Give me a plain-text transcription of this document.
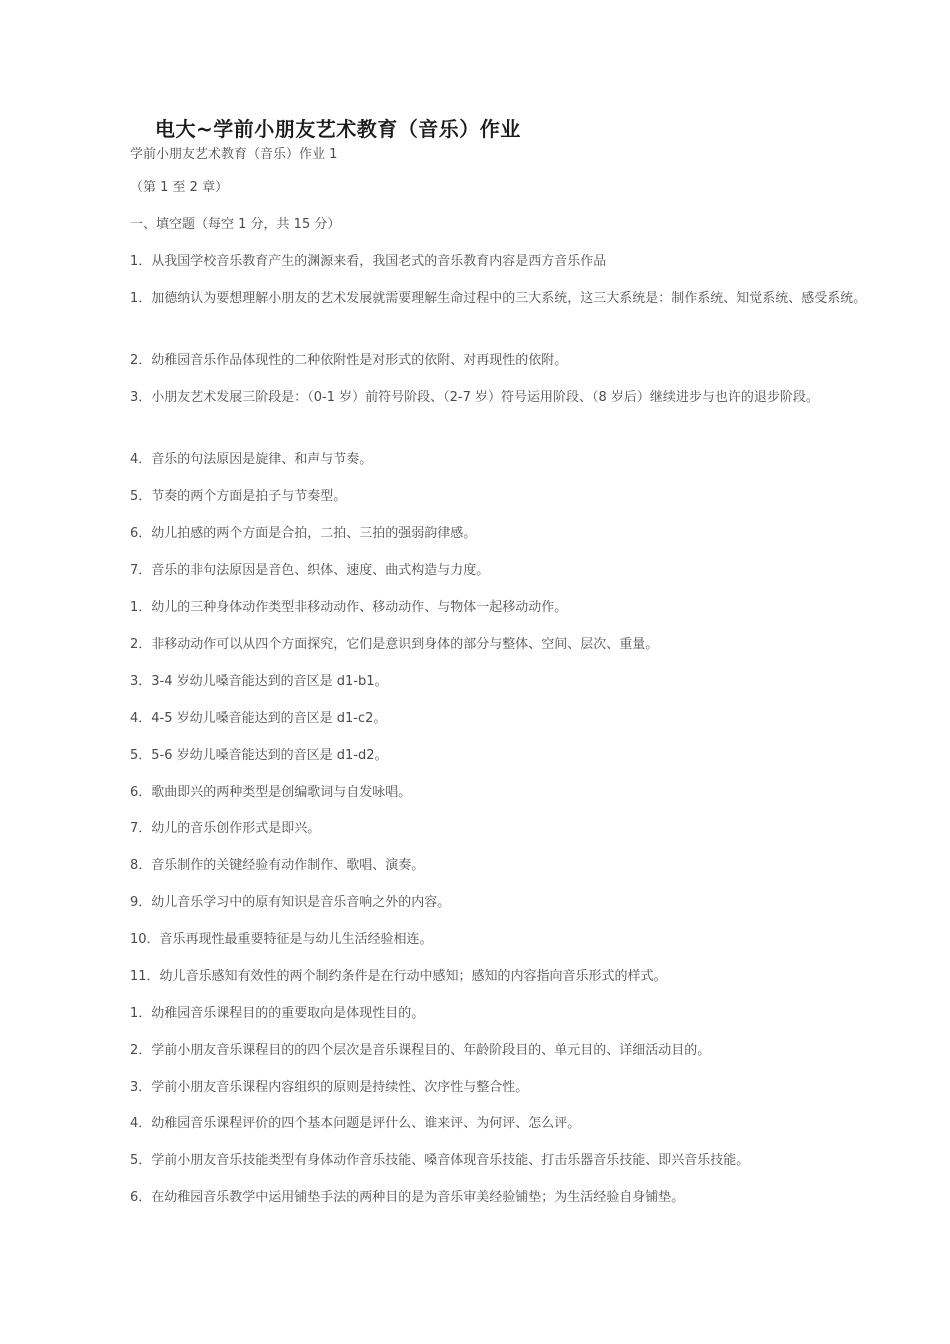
电大~学前小朋友艺术教育（音乐）作业
学前小朋友艺术教育（音乐）作业 1
（第 1 至 2 章）
一、填空题（每空 1 分，共 15 分）
1．从我国学校音乐教育产生的渊源来看，我国老式的音乐教育内容是西方音乐作品
1．加德纳认为要想理解小朋友的艺术发展就需要理解生命过程中的三大系统，这三大系统是：制作系统、知觉系统、感受系统。
2．幼稚园音乐作品体现性的二种依附性是对形式的依附、对再现性的依附。
3．小朋友艺术发展三阶段是：（0-1 岁）前符号阶段、（2-7 岁）符号运用阶段、（8 岁后）继续进步与也许的退步阶段。
4．音乐的句法原因是旋律、和声与节奏。
5．节奏的两个方面是拍子与节奏型。
6．幼儿拍感的两个方面是合拍，二拍、三拍的强弱韵律感。
7．音乐的非句法原因是音色、织体、速度、曲式构造与力度。
1．幼儿的三种身体动作类型非移动动作、移动动作、与物体一起移动动作。
2．非移动动作可以从四个方面探究，它们是意识到身体的部分与整体、空间、层次、重量。
3．3-4 岁幼儿嗓音能达到的音区是 d1-b1。
4．4-5 岁幼儿嗓音能达到的音区是 d1-c2。
5．5-6 岁幼儿嗓音能达到的音区是 d1-d2。
6．歌曲即兴的两种类型是创编歌词与自发咏唱。
7．幼儿的音乐创作形式是即兴。
8．音乐制作的关键经验有动作制作、歌唱、演奏。
9．幼儿音乐学习中的原有知识是音乐音响之外的内容。
10．音乐再现性最重要特征是与幼儿生活经验相连。
11．幼儿音乐感知有效性的两个制约条件是在行动中感知；感知的内容指向音乐形式的样式。
1．幼稚园音乐课程目的的重要取向是体现性目的。
2．学前小朋友音乐课程目的的四个层次是音乐课程目的、年龄阶段目的、单元目的、详细活动目的。
3．学前小朋友音乐课程内容组织的原则是持续性、次序性与整合性。
4．幼稚园音乐课程评价的四个基本问题是评什么、谁来评、为何评、怎么评。
5．学前小朋友音乐技能类型有身体动作音乐技能、嗓音体现音乐技能、打击乐器音乐技能、即兴音乐技能。
6．在幼稚园音乐教学中运用铺垫手法的两种目的是为音乐审美经验铺垫；为生活经验自身铺垫。
